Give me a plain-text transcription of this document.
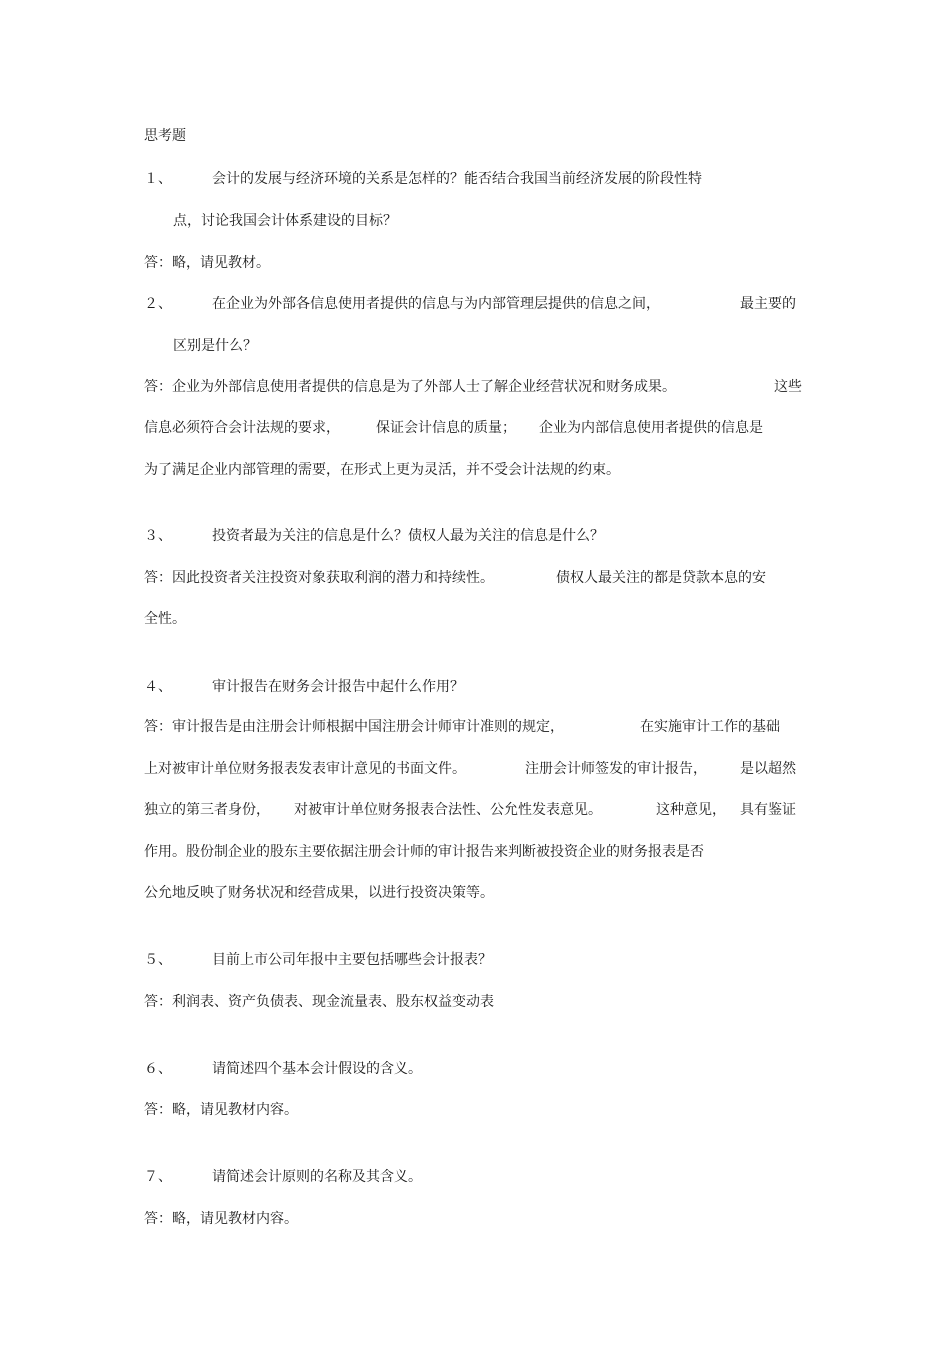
思考题
１、	会计的发展与经济环境的关系是怎样的？能否结合我国当前经济发展的阶段性特
点，讨论我国会计体系建设的目标？
答：略，请见教材。
２、	在企业为外部各信息使用者提供的信息与为内部管理层提供的信息之间，	最主要的
区别是什么？
答：企业为外部信息使用者提供的信息是为了外部人士了解企业经营状况和财务成果。	这些
信息必须符合会计法规的要求，	保证会计信息的质量； 企业为内部信息使用者提供的信息是
为了满足企业内部管理的需要，在形式上更为灵活，并不受会计法规的约束。
３、	投资者最为关注的信息是什么？债权人最为关注的信息是什么？
答：因此投资者关注投资对象获取利润的潜力和持续性。	债权人最关注的都是贷款本息的安
全性。
４、	审计报告在财务会计报告中起什么作用？
答：审计报告是由注册会计师根据中国注册会计师审计准则的规定，	在实施审计工作的基础
上对被审计单位财务报表发表审计意见的书面文件。	注册会计师签发的审计报告， 是以超然
独立的第三者身份， 对被审计单位财务报表合法性、公允性发表意见。	这种意见， 具有鉴证
作用。股份制企业的股东主要依据注册会计师的审计报告来判断被投资企业的财务报表是否
公允地反映了财务状况和经营成果，以进行投资决策等。
５、	目前上市公司年报中主要包括哪些会计报表？
答：利润表、资产负债表、现金流量表、股东权益变动表
６、	请简述四个基本会计假设的含义。
答：略，请见教材内容。
７、	请简述会计原则的名称及其含义。
答：略，请见教材内容。
